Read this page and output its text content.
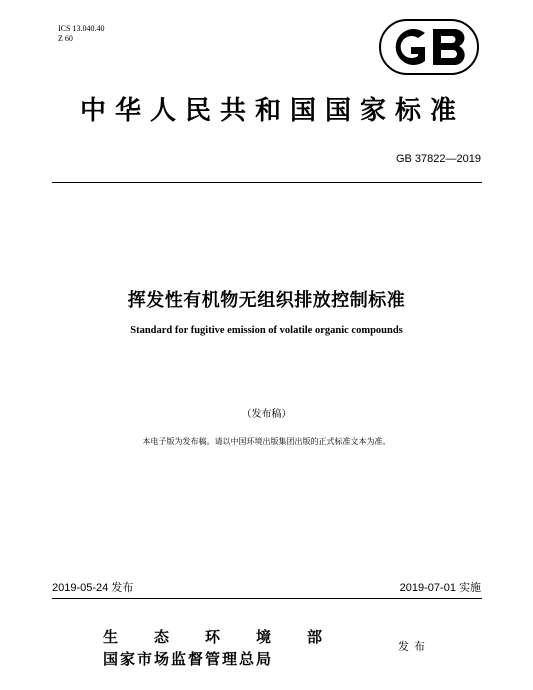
ICS 13.040.40
Z 60
中华人民共和国国家标准
GB 37822—2019
挥发性有机物无组织排放控制标准
Standard for fugitive emission of volatile organic compounds
（发布稿）
本电子版为发布稿。请以中国环境出版集团出版的正式标准文本为准。
2019-05-24 发布	2019-07-01 实施
生态环境部
国家市场监督管理总局
发布
